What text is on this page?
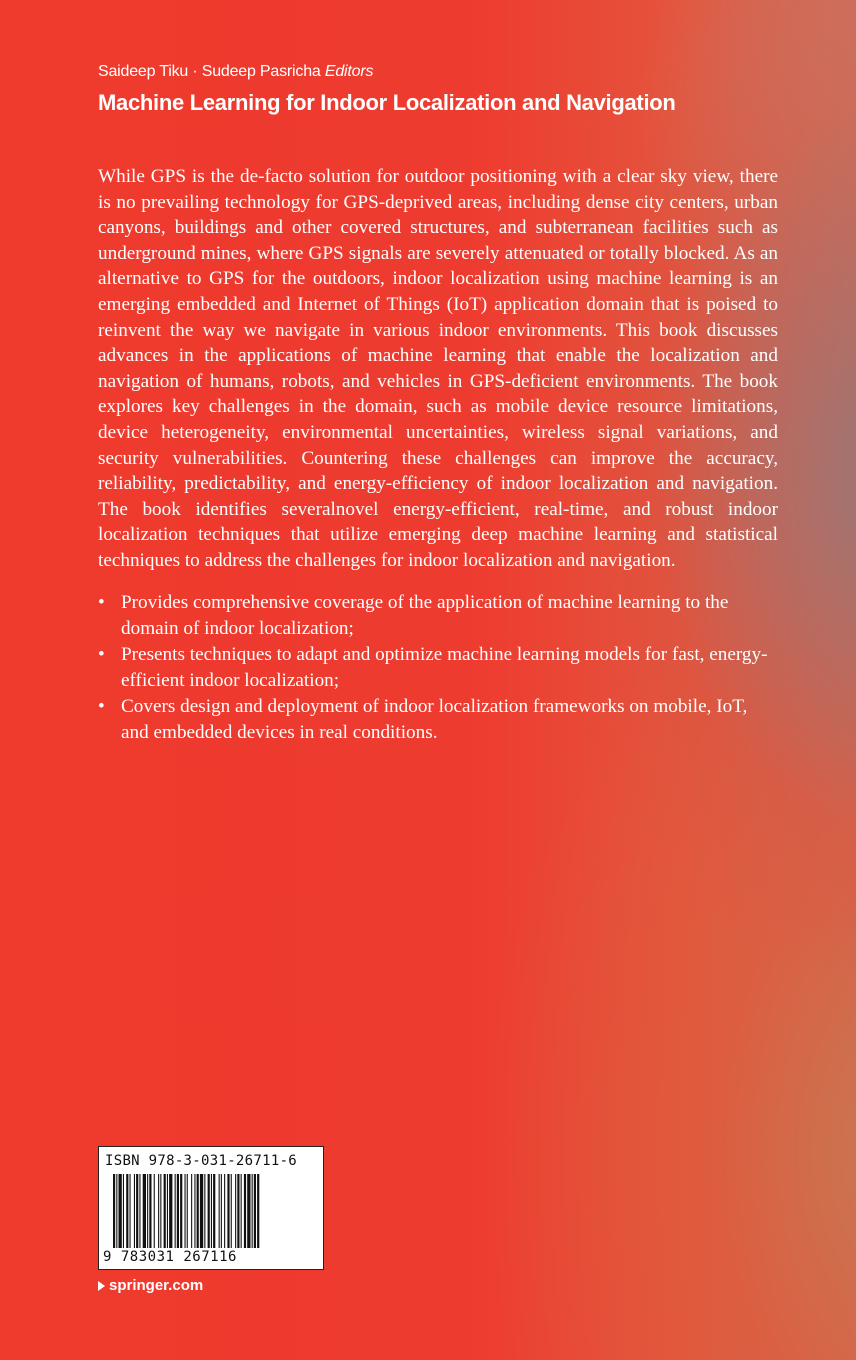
Saideep Tiku · Sudeep Pasricha Editors
Machine Learning for Indoor Localization and Navigation

While GPS is the de-facto solution for outdoor positioning with a clear sky view, there is no prevailing technology for GPS-deprived areas, including dense city centers, urban canyons, buildings and other covered structures, and subterranean facilities such as underground mines, where GPS signals are severely attenuated or totally blocked. As an alternative to GPS for the outdoors, indoor localization using machine learning is an emerging embedded and Internet of Things (IoT) application domain that is poised to reinvent the way we navigate in various indoor environments. This book discusses advances in the applications of machine learning that enable the localization and navigation of humans, robots, and vehicles in GPS-deficient environments. The book explores key challenges in the domain, such as mobile device resource limitations, device heterogeneity, environmental uncertainties, wireless signal variations, and security vulnerabilities. Countering these challenges can improve the accuracy, reliability, predictability, and energy-efficiency of indoor localization and navigation. The book identifies severalnovel energy-efficient, real-time, and robust indoor localization techniques that utilize emerging deep machine learning and statistical techniques to address the challenges for indoor localization and navigation.

• Provides comprehensive coverage of the application of machine learning to the domain of indoor localization;
• Presents techniques to adapt and optimize machine learning models for fast, energy-efficient indoor localization;
• Covers design and deployment of indoor localization frameworks on mobile, IoT, and embedded devices in real conditions.
ISBN 978-3-031-26711-6
9 783031 267116
springer.com
